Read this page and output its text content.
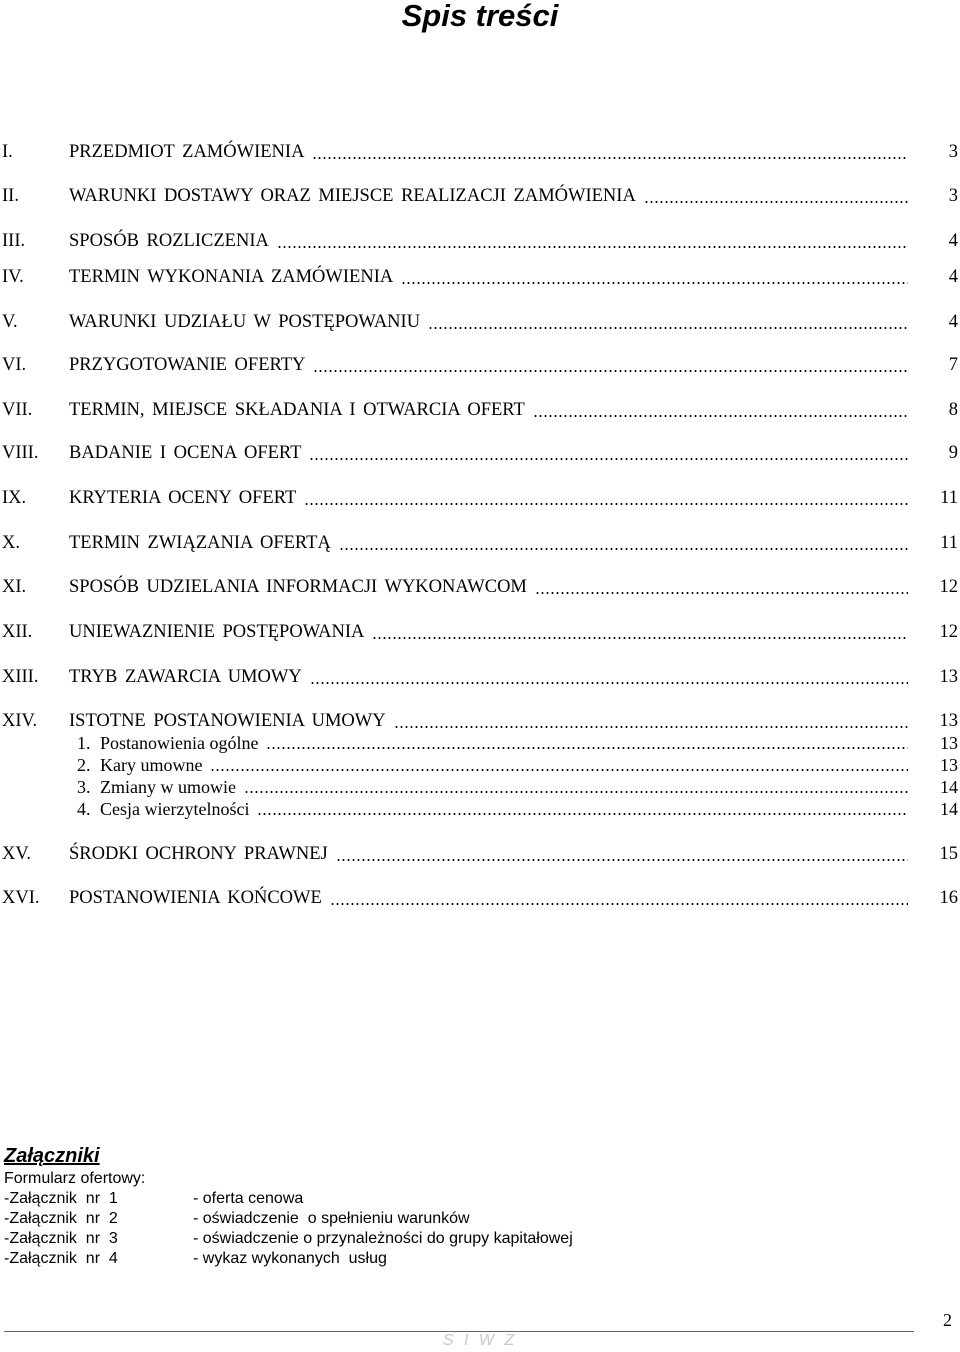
Spis treści
I.	PRZEDMIOT ZAMÓWIENIA	3
II.	WARUNKI DOSTAWY ORAZ MIEJSCE REALIZACJI ZAMÓWIENIA	3
III. SPOSÓB ROZLICZENIA	4
IV. TERMIN WYKONANIA ZAMÓWIENIA	4
V.	WARUNKI UDZIAŁU W POSTĘPOWANIU	4
VI. PRZYGOTOWANIE OFERTY	7
VII. TERMIN, MIEJSCE SKŁADANIA I OTWARCIA OFERT	8
VIII. BADANIE I OCENA OFERT	9
IX. KRYTERIA OCENY OFERT	11
X.	TERMIN ZWIĄZANIA OFERTĄ	11
XI. SPOSÓB UDZIELANIA INFORMACJI WYKONAWCOM	12
XII. UNIEWAZNIENIE POSTĘPOWANIA	12
XIII. TRYB ZAWARCIA UMOWY	13
XIV. ISTOTNE POSTANOWIENIA UMOWY	13
1. Postanowienia ogólne	13
2. Kary umowne	13
3. Zmiany w umowie	14
4. Cesja wierzytelności	14
XV. ŚRODKI OCHRONY PRAWNEJ	15
XVI. POSTANOWIENIA KOŃCOWE	16
Załączniki
Formularz ofertowy:
-Załącznik  nr  1	- oferta cenowa
-Załącznik  nr  2	- oświadczenie  o spełnieniu warunków
-Załącznik  nr  3	- oświadczenie o przynależności do grupy kapitałowej
-Załącznik  nr  4	- wykaz wykonanych  usług
2
S I W Z
